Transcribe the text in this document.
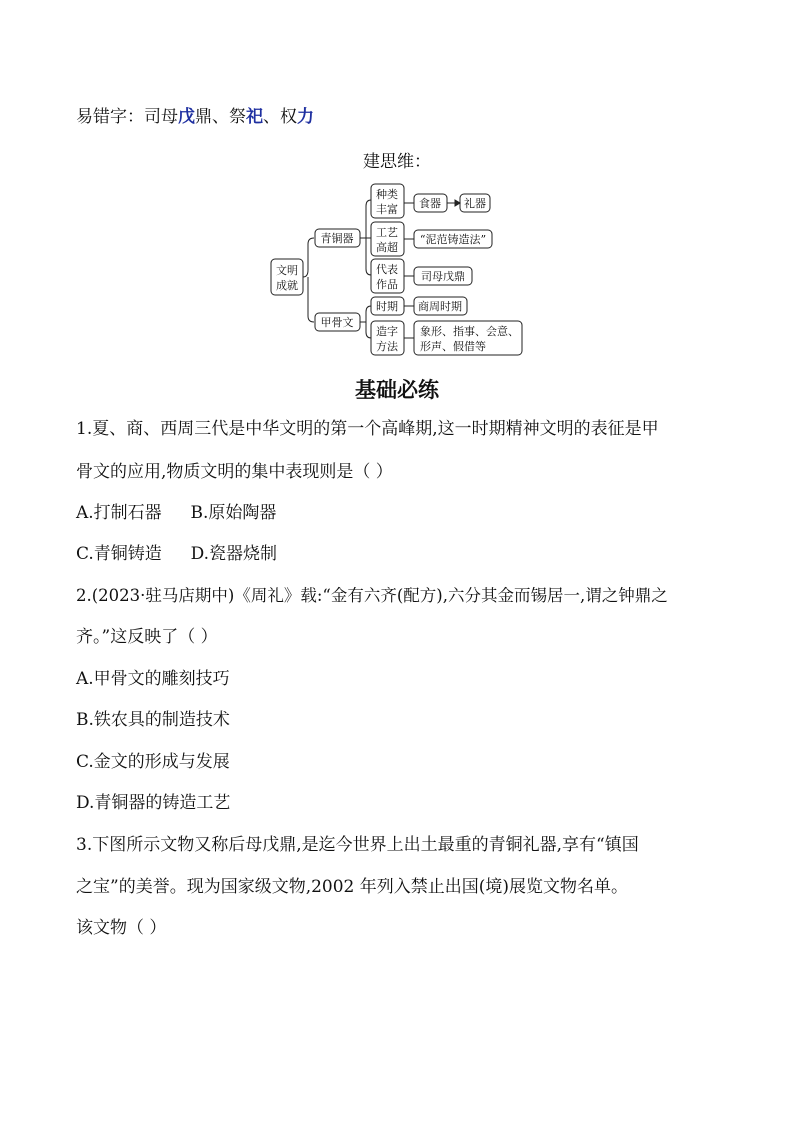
易错字：司母戊鼎、祭祀、权力
建思维：
文明
成就
青铜器
甲骨文
种类
丰富
工艺
高超
代表
作品
食器 礼器
“泥范铸造法”
司母戊鼎
时期
造字
方法
商周时期
象形、指事、会意、
形声、假借等
基础必练
1.夏、商、西周三代是中华文明的第一个高峰期,这一时期精神文明的表征是甲
骨文的应用,物质文明的集中表现则是（ ）
A.打制石器 B.原始陶器
C.青铜铸造 D.瓷器烧制
2.(2023·驻马店期中)《周礼》载:“金有六齐(配方),六分其金而锡居一,谓之钟鼎之
齐。”这反映了（ ）
A.甲骨文的雕刻技巧
B.铁农具的制造技术
C.金文的形成与发展
D.青铜器的铸造工艺
3.下图所示文物又称后母戊鼎,是迄今世界上出土最重的青铜礼器,享有“镇国
之宝”的美誉。现为国家级文物,2002 年列入禁止出国(境)展览文物名单。
该文物（ ）
